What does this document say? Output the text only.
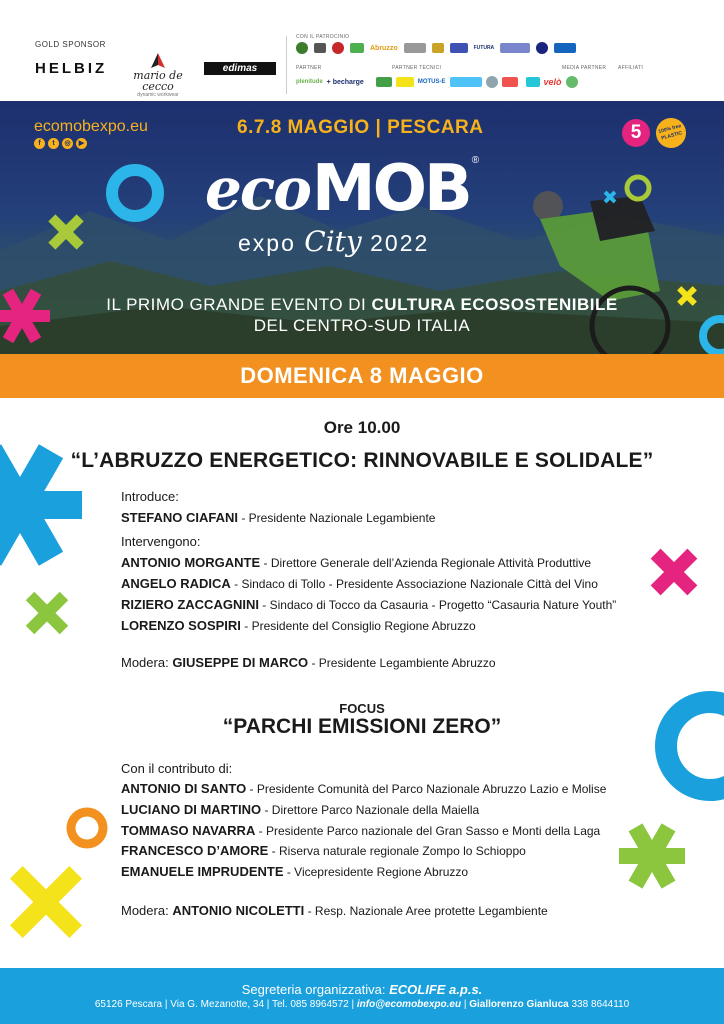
GOLD SPONSOR
HELBIZ	mario de cecco
dynamic workwear
edimas
CON IL PATROCINIO
Abruzzo	FUTURA
PARTNER	PARTNER TECNICI	MEDIA PARTNER AFFILIATI
plenitude + becharge	MOTUS-E	velò
ecomobexpo.eu
f	t	◎	▶
6.7.8 MAGGIO | PESCARA	5	100% free PLASTIC
eco MOB ®
expo City 2022
IL PRIMO GRANDE EVENTO DI CULTURA ECOSOSTENIBILE
DEL CENTRO-SUD ITALIA
DOMENICA 8 MAGGIO
Ore 10.00
“L’ABRUZZO ENERGETICO: RINNOVABILE E SOLIDALE”
Introduce:
STEFANO CIAFANI - Presidente Nazionale Legambiente
Intervengono:
ANTONIO MORGANTE - Direttore Generale dell’Azienda Regionale Attività Produttive
ANGELO RADICA - Sindaco di Tollo - Presidente Associazione Nazionale Città del Vino
RIZIERO ZACCAGNINI - Sindaco di Tocco da Casauria - Progetto “Casauria Nature Youth”
LORENZO SOSPIRI - Presidente del Consiglio Regione Abruzzo
Modera: GIUSEPPE DI MARCO - Presidente Legambiente Abruzzo
FOCUS
“PARCHI EMISSIONI ZERO”
Con il contributo di:
ANTONIO DI SANTO - Presidente Comunità del Parco Nazionale Abruzzo Lazio e Molise
LUCIANO DI MARTINO - Direttore Parco Nazionale della Maiella
TOMMASO NAVARRA - Presidente Parco nazionale del Gran Sasso e Monti della Laga
FRANCESCO D’AMORE - Riserva naturale regionale Zompo lo Schioppo
EMANUELE IMPRUDENTE - Vicepresidente Regione Abruzzo
Modera: ANTONIO NICOLETTI - Resp. Nazionale Aree protette Legambiente
Segreteria organizzativa: ECOLIFE a.p.s.
65126 Pescara | Via G. Mezanotte, 34 | Tel. 085 8964572 | info@ecomobexpo.eu | Giallorenzo Gianluca 338 8644110
